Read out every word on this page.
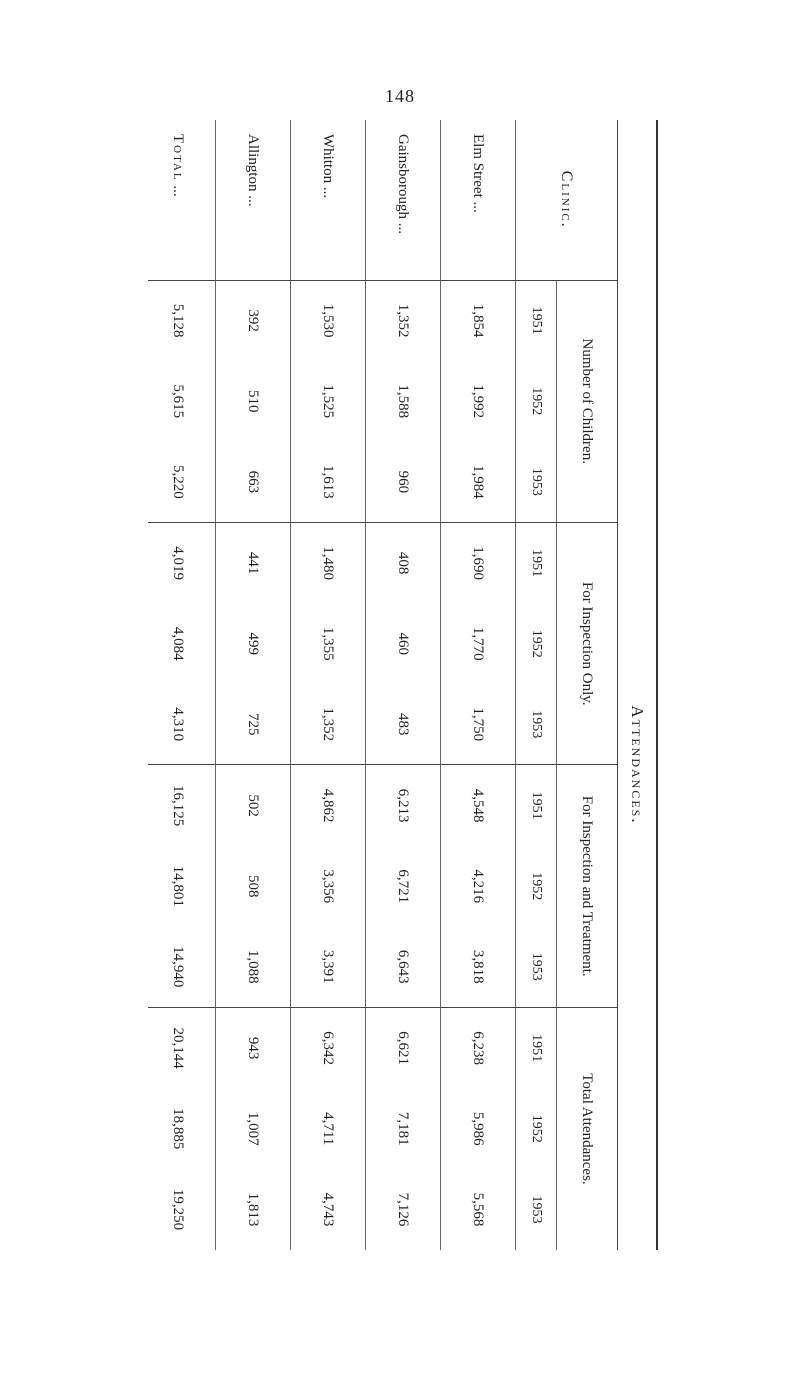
148
	Attendances.											
Clinic.	Number of Children.			For Inspection Only.			For Inspection and Treatment.			Total Attendances.		
	1951	1952	1953	1951	1952	1953	1951	1952	1953	1951	1952	1953
Elm Street ...	1,854	1,992	1,984	1,690	1,770	1,750	4,548	4,216	3,818	6,238	5,986	5,568
Gainsborough ...	1,352	1,588	960	408	460	483	6,213	6,721	6,643	6,621	7,181	7,126
Whitton ...	1,530	1,525	1,613	1,480	1,355	1,352	4,862	3,356	3,391	6,342	4,711	4,743
Allington ...	392	510	663	441	499	725	502	508	1,088	943	1,007	1,813
Total ...	5,128	5,615	5,220	4,019	4,084	4,310	16,125	14,801	14,940	20,144	18,885	19,250
